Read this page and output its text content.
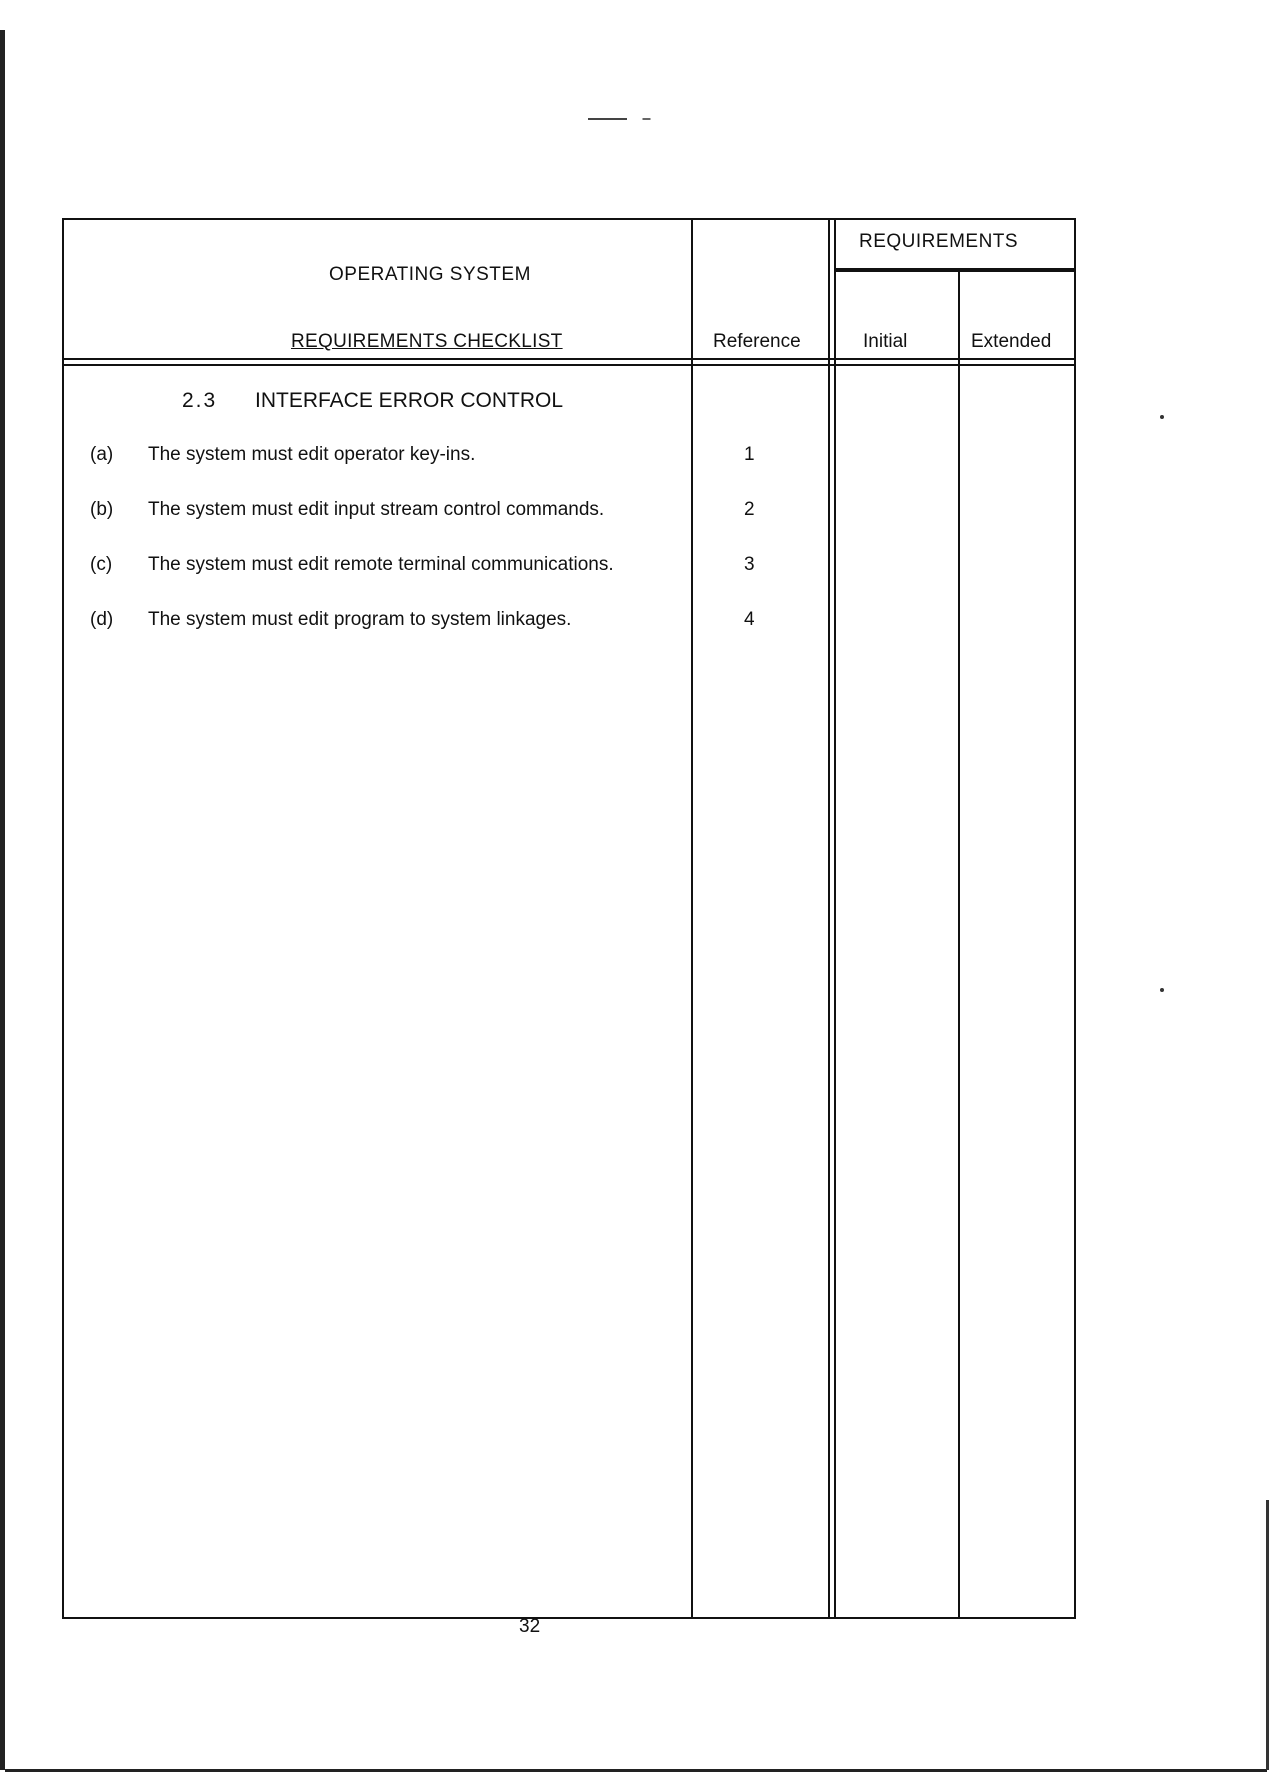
OPERATING SYSTEM
REQUIREMENTS CHECKLIST	Reference
REQUIREMENTS
Initial	Extended
2.3 INTERFACE ERROR CONTROL
(a) The system must edit operator key-ins.	1
(b) The system must edit input stream control commands.	2
(c) The system must edit remote terminal communications.	3
(d) The system must edit program to system linkages.	4
32
